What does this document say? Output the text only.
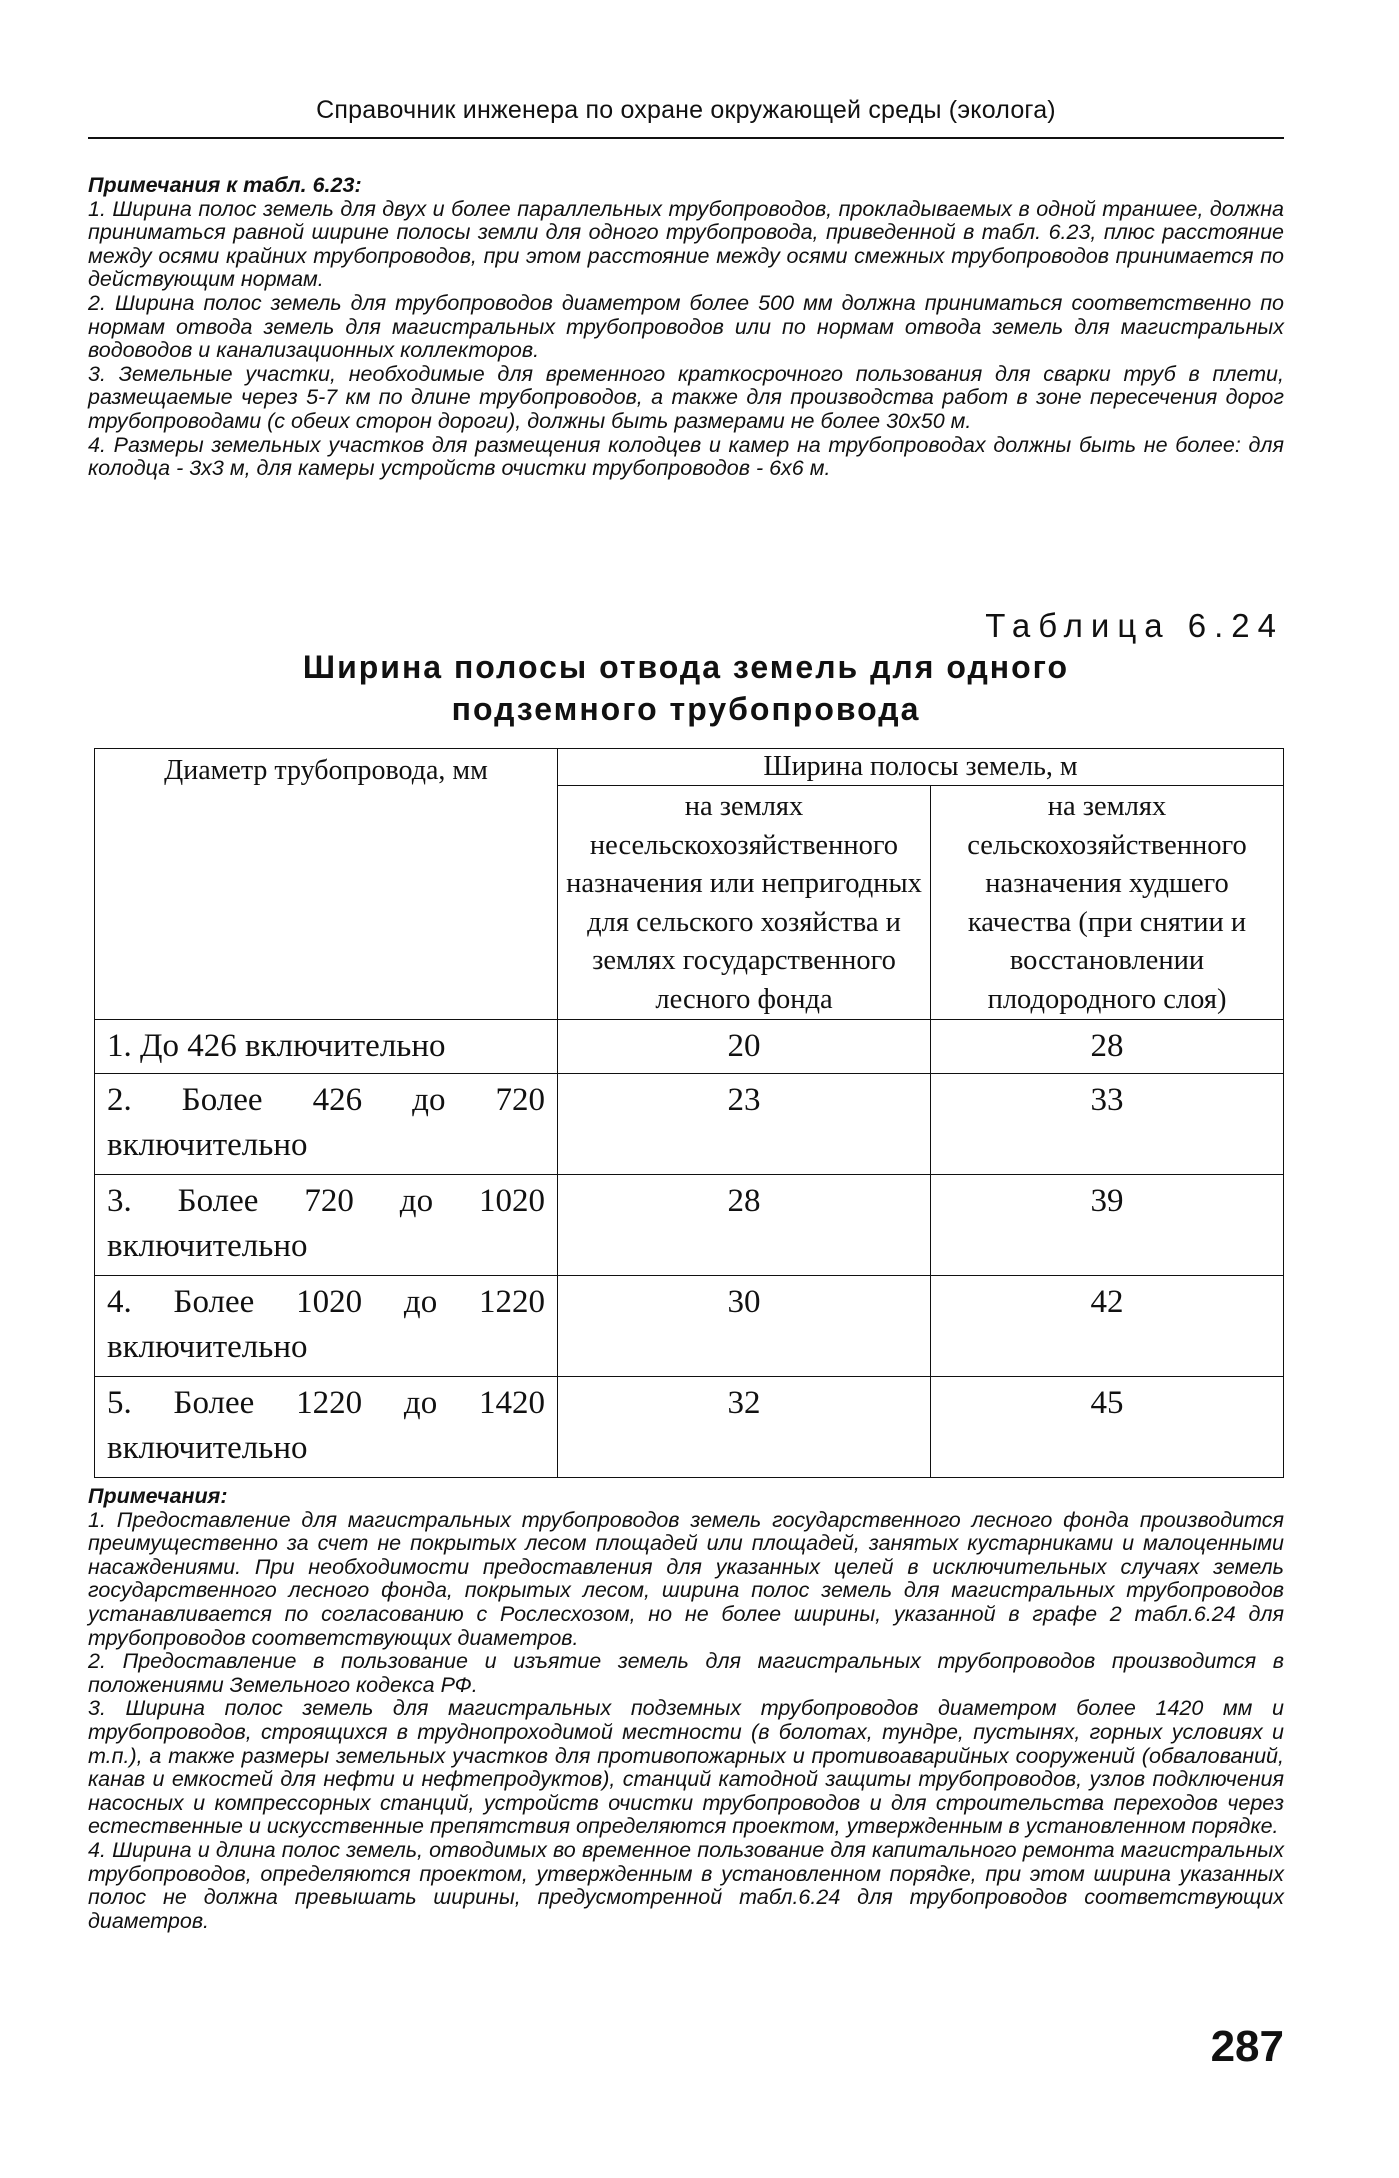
Справочник инженера по охране окружающей среды (эколога)

Примечания к табл. 6.23:

1. Ширина полос земель для двух и более параллельных трубопроводов, прокладываемых в одной траншее, должна приниматься равной ширине полосы земли для одного трубопровода, приведенной в табл. 6.23, плюс расстояние между осями крайних трубопроводов, при этом расстояние между осями смежных трубопроводов принимается по действующим нормам.

2. Ширина полос земель для трубопроводов диаметром более 500 мм должна приниматься соответственно по нормам отвода земель для магистральных трубопроводов или по нормам отвода земель для магистральных водоводов и канализационных коллекторов.

3. Земельные участки, необходимые для временного краткосрочного пользования для сварки труб в плети, размещаемые через 5-7 км по длине трубопроводов, а также для производства работ в зоне пересечения дорог трубопроводами (с обеих сторон дороги), должны быть размерами не более 30х50 м.

4. Размеры земельных участков для размещения колодцев и камер на трубопроводах должны быть не более: для колодца - 3х3 м, для камеры устройств очистки трубопроводов - 6х6 м.

Таблица 6.24
Ширина полосы отвода земель для одного
подземного трубопровода
Диаметр трубопровода, мм	Ширина полосы земель, м	
	на землях несельскохозяйственного назначения или непригодных для сельского хозяйства и землях государственного лесного фонда	на землях сельскохозяйственного назначения худшего качества (при снятии и восстановлении плодородного слоя)
1. До 426 включительно	20	28
2. Более 426 до 720 включительно	23	33
3. Более 720 до 1020 включительно	28	39
4. Более 1020 до 1220 включительно	30	42
5. Более 1220 до 1420 включительно	32	45

Примечания:

1. Предоставление для магистральных трубопроводов земель государственного лесного фонда производится преимущественно за счет не покрытых лесом площадей или площадей, занятых кустарниками и малоценными насаждениями. При необходимости предоставления для указанных целей в исключительных случаях земель государственного лесного фонда, покрытых лесом, ширина полос земель для магистральных трубопроводов устанавливается по согласованию с Рослесхозом, но не более ширины, указанной в графе 2 табл.6.24 для трубопроводов соответствующих диаметров.

2. Предоставление в пользование и изъятие земель для магистральных трубопроводов производится в положениями Земельного кодекса РФ.

3. Ширина полос земель для магистральных подземных трубопроводов диаметром более 1420 мм и трубопроводов, строящихся в труднопроходимой местности (в болотах, тундре, пустынях, горных условиях и т.п.), а также размеры земельных участков для противопожарных и противоаварийных сооружений (обвалований, канав и емкостей для нефти и нефтепродуктов), станций катодной защиты трубопроводов, узлов подключения насосных и компрессорных станций, устройств очистки трубопроводов и для строительства переходов через естественные и искусственные препятствия определяются проектом, утвержденным в установленном порядке.

4. Ширина и длина полос земель, отводимых во временное пользование для капитального ремонта магистральных трубопроводов, определяются проектом, утвержденным в установленном порядке, при этом ширина указанных полос не должна превышать ширины, предусмотренной табл.6.24 для трубопроводов соответствующих диаметров.

287
